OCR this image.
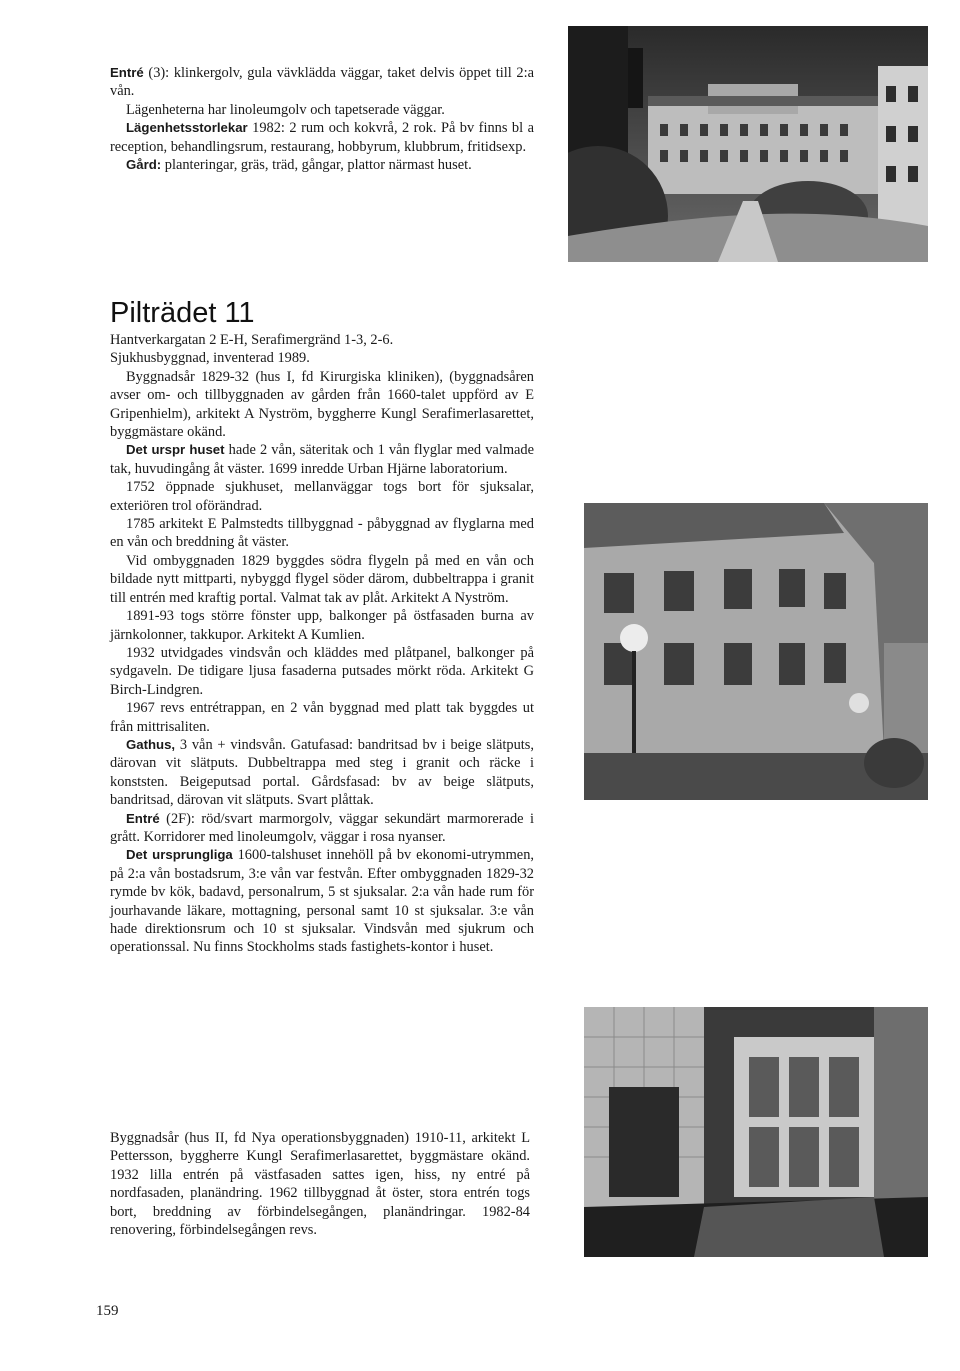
Entré (3): klinkergolv, gula vävklädda väggar, taket delvis öppet till 2:a vån.

Lägenheterna har linoleumgolv och tapetserade väggar.

Lägenhetsstorlekar 1982: 2 rum och kokvrå, 2 rok. På bv finns bl a reception, behandlingsrum, restaurang, hobbyrum, klubbrum, fritidsexp.

Gård: planteringar, gräs, träd, gångar, plattor närmast huset.

Pilträdet 11

Hantverkargatan 2 E-H, Serafimergränd 1-3, 2-6.

Sjukhusbyggnad, inventerad 1989.

Byggnadsår 1829-32 (hus I, fd Kirurgiska kliniken), (byggnadsåren avser om- och tillbyggnaden av gården från 1660-talet uppförd av E Gripenhielm), arkitekt A Nyström, byggherre Kungl Serafimerlasarettet, byggmästare okänd.

Det urspr huset hade 2 vån, säteritak och 1 vån flyglar med valmade tak, huvudingång åt väster. 1699 inredde Urban Hjärne laboratorium.

1752 öppnade sjukhuset, mellanväggar togs bort för sjuksalar, exteriören trol oförändrad.

1785 arkitekt E Palmstedts tillbyggnad - påbyggnad av flyglarna med en vån och breddning åt väster.

Vid ombyggnaden 1829 byggdes södra flygeln på med en vån och bildade nytt mittparti, nybyggd flygel söder därom, dubbeltrappa i granit till entrén med kraftig portal. Valmat tak av plåt. Arkitekt A Nyström.

1891-93 togs större fönster upp, balkonger på östfasaden burna av järnkolonner, takkupor. Arkitekt A Kumlien.

1932 utvidgades vindsvån och kläddes med plåtpanel, balkonger på sydgaveln. De tidigare ljusa fasaderna putsades mörkt röda. Arkitekt G Birch-Lindgren.

1967 revs entrétrappan, en 2 vån byggnad med platt tak byggdes ut från mittrisaliten.

Gathus, 3 vån + vindsvån. Gatufasad: bandritsad bv i beige slätputs, därovan vit slätputs. Dubbeltrappa med steg i granit och räcke i konststen. Beigeputsad portal. Gårdsfasad: bv av beige slätputs, bandritsad, därovan vit slätputs. Svart plåttak.

Entré (2F): röd/svart marmorgolv, väggar sekundärt marmorerade i grått. Korridorer med linoleumgolv, väggar i rosa nyanser.

Det ursprungliga 1600-talshuset innehöll på bv ekonomi-utrymmen, på 2:a vån bostadsrum, 3:e vån var festvån. Efter ombyggnaden 1829-32 rymde bv kök, badavd, personalrum, 5 st sjuksalar. 2:a vån hade rum för jourhavande läkare, mottagning, personal samt 10 st sjuksalar. 3:e vån hade direktionsrum och 10 st sjuksalar. Vindsvån med sjukrum och operationssal. Nu finns Stockholms stads fastighets-kontor i huset.

Byggnadsår (hus II, fd Nya operationsbyggnaden) 1910-11, arkitekt L Pettersson, byggherre Kungl Serafimerlasarettet, byggmästare okänd. 1932 lilla entrén på västfasaden sattes igen, hiss, ny entré på nordfasaden, planändring. 1962 tillbyggnad åt öster, stora entrén togs bort, breddning av förbindelsegången, planändringar. 1982-84 renovering, förbindelsegången revs.
159
